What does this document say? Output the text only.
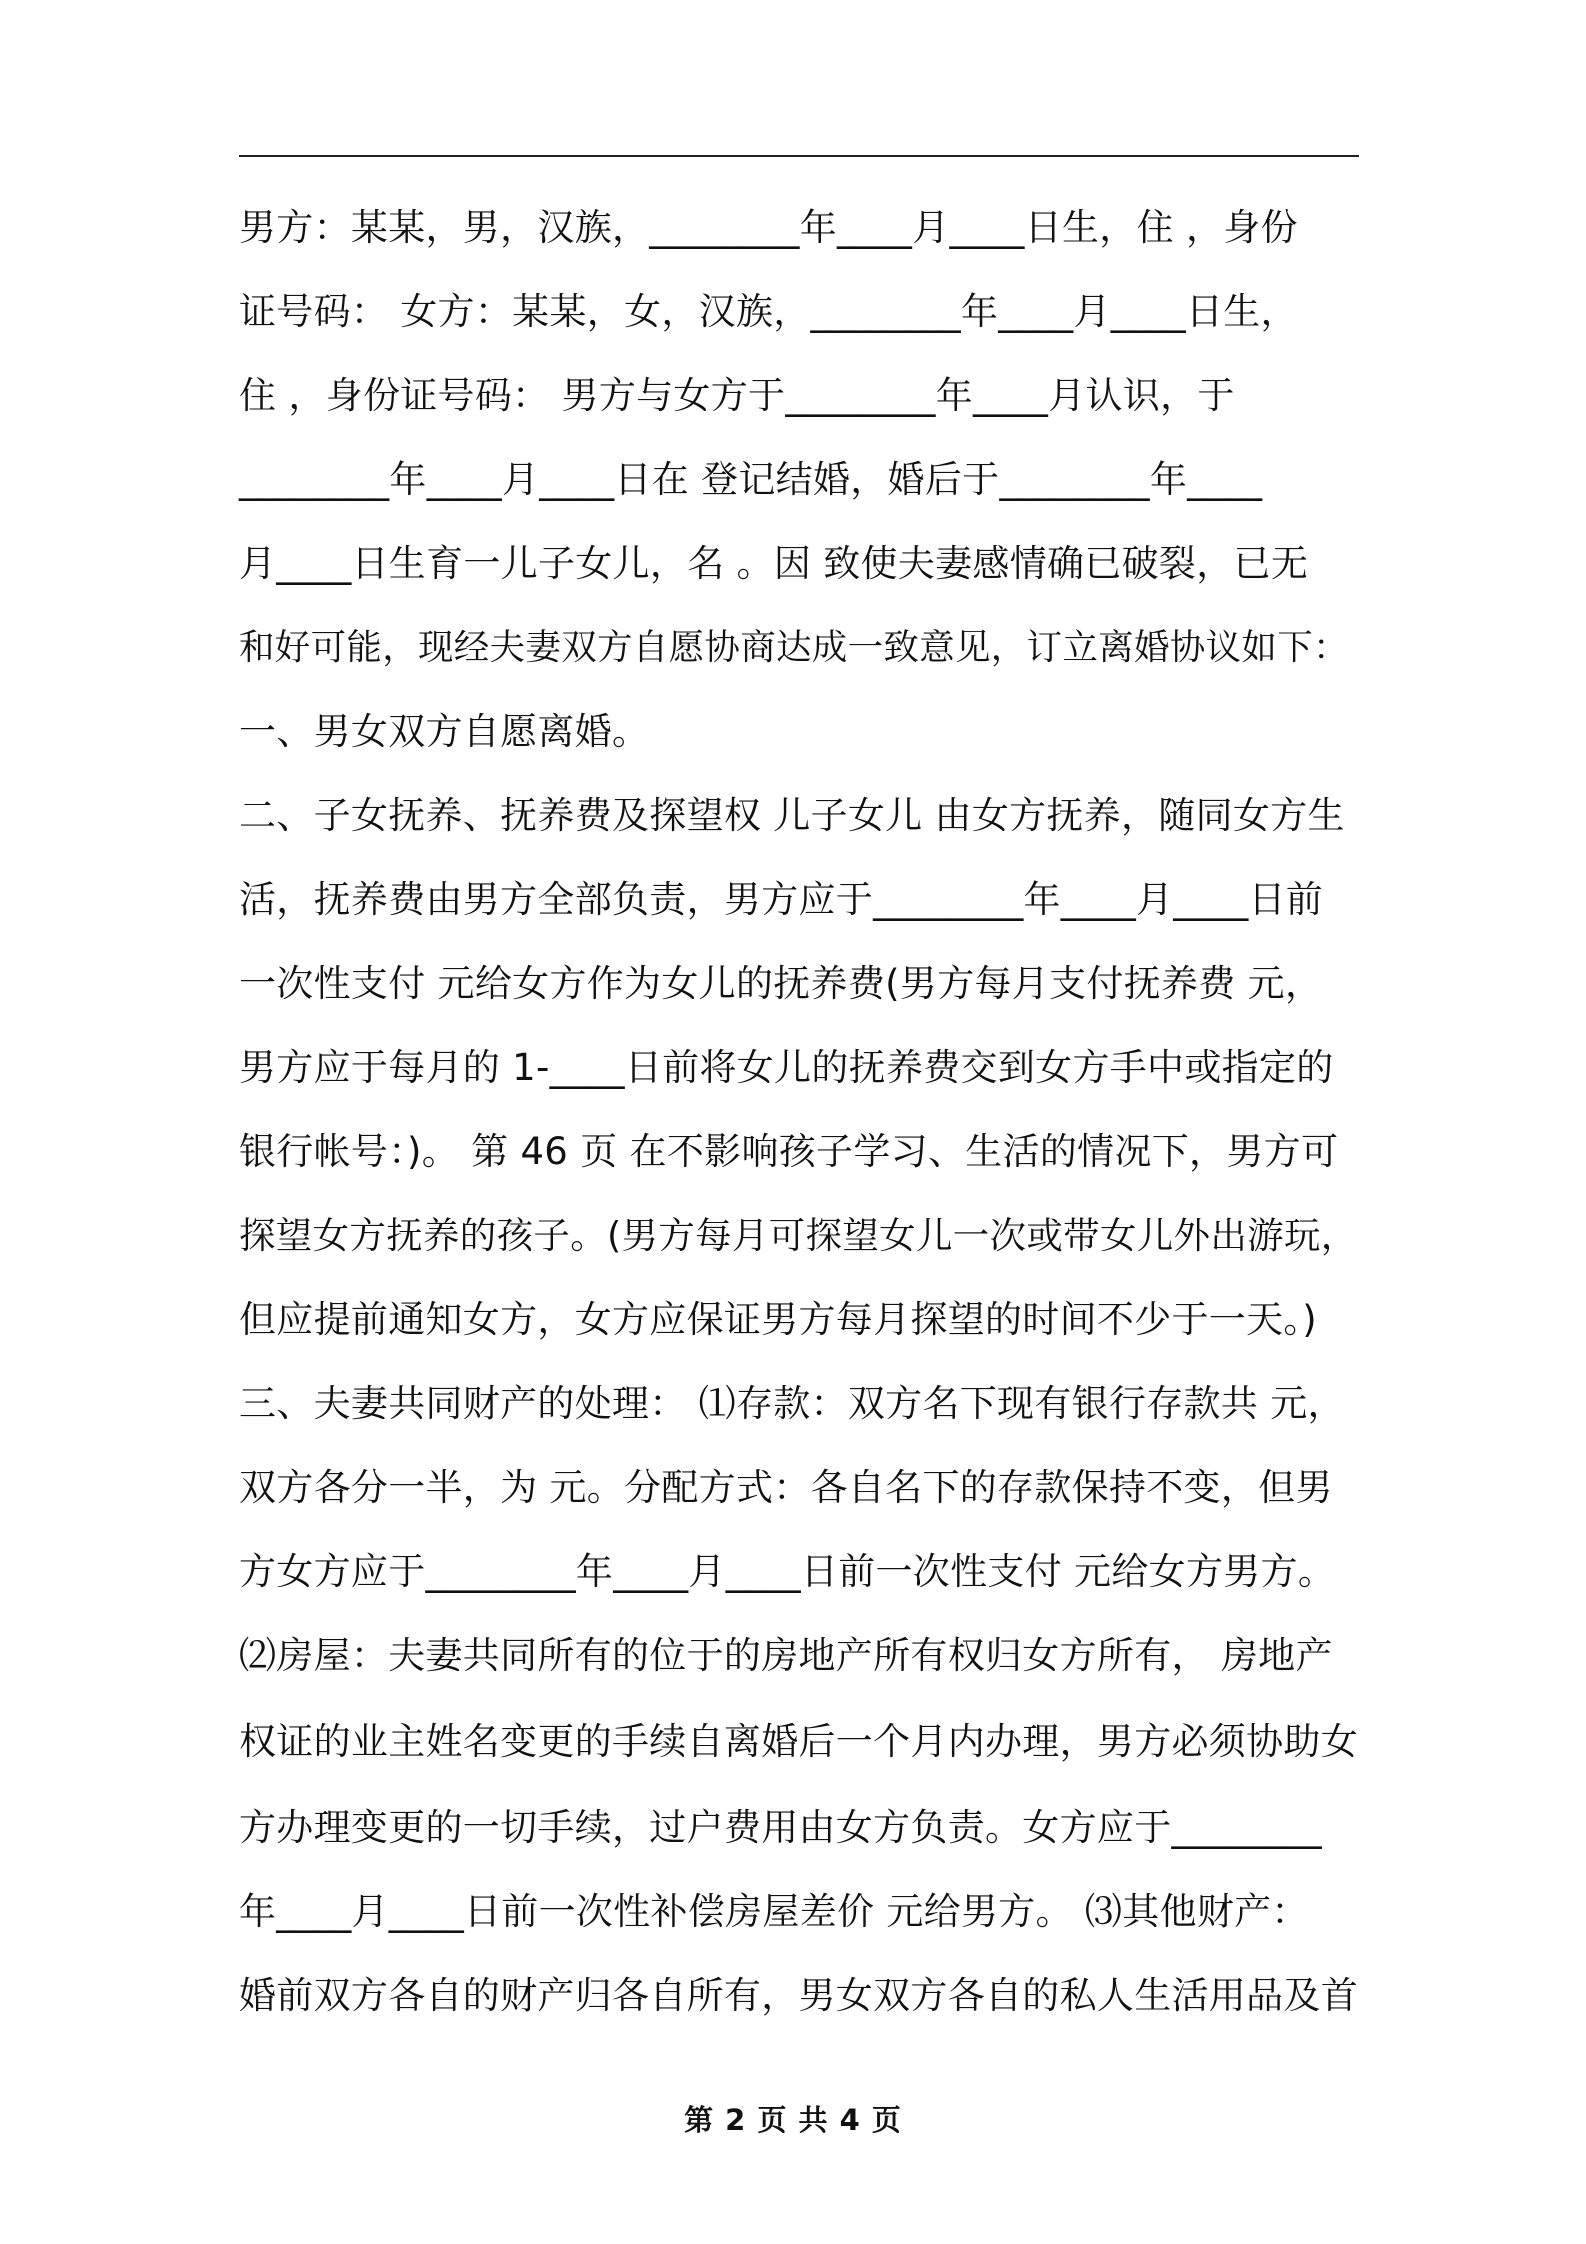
男方：某某，男，汉族，________年____月____日生，住 ，身份
证号码： 女方：某某，女，汉族，________年____月____日生，
住 ，身份证号码： 男方与女方于________年____月认识，于
________年____月____日在 登记结婚，婚后于________年____
月____日生育一儿子女儿，名 。因 致使夫妻感情确已破裂，已无
和好可能，现经夫妻双方自愿协商达成一致意见，订立离婚协议如下：
一、男女双方自愿离婚。
二、子女抚养、抚养费及探望权 儿子女儿 由女方抚养，随同女方生
活，抚养费由男方全部负责，男方应于________年____月____日前
一次性支付 元给女方作为女儿的抚养费(男方每月支付抚养费 元，
男方应于每月的 1-____日前将女儿的抚养费交到女方手中或指定的
银行帐号：)。 第 46 页 在不影响孩子学习、生活的情况下，男方可
探望女方抚养的孩子。(男方每月可探望女儿一次或带女儿外出游玩，
但应提前通知女方，女方应保证男方每月探望的时间不少于一天。)
三、夫妻共同财产的处理： ⑴存款：双方名下现有银行存款共 元，
双方各分一半，为 元。分配方式：各自名下的存款保持不变，但男
方女方应于________年____月____日前一次性支付 元给女方男方。
⑵房屋：夫妻共同所有的位于的房地产所有权归女方所有， 房地产
权证的业主姓名变更的手续自离婚后一个月内办理，男方必须协助女
方办理变更的一切手续，过户费用由女方负责。女方应于________
年____月____日前一次性补偿房屋差价 元给男方。 ⑶其他财产：
婚前双方各自的财产归各自所有，男女双方各自的私人生活用品及首
第 2 页 共 4 页
